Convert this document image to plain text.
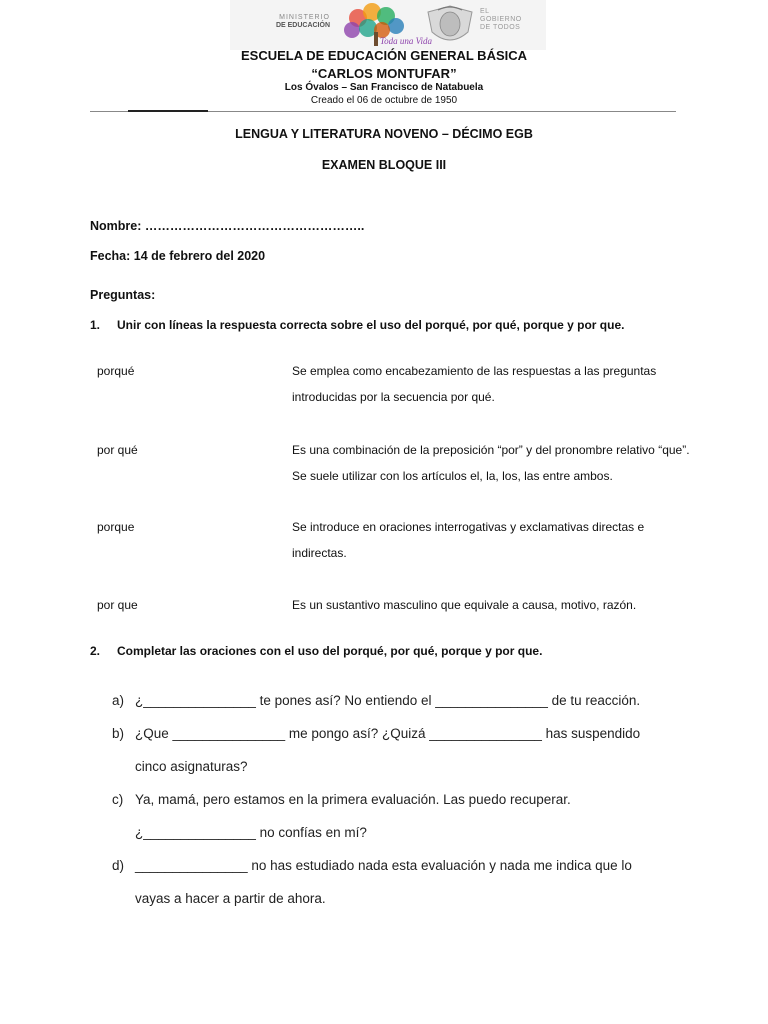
MINISTERIO
DE EDUCACIÓN
Toda una Vida
EL
GOBIERNO
DE TODOS
ESCUELA DE EDUCACIÓN GENERAL BÁSICA
“CARLOS MONTUFAR”
Los Óvalos – San Francisco de Natabuela
Creado el 06 de octubre de 1950
LENGUA Y LITERATURA NOVENO – DÉCIMO EGB
EXAMEN BLOQUE III
Nombre: ……………………………………………..
Fecha: 14 de febrero del 2020
Preguntas:
1. Unir con líneas la respuesta correcta sobre el uso del porqué, por qué, porque y por que.
porqué	Se emplea como encabezamiento de las respuestas a las preguntas introducidas por la secuencia por qué.
por qué	Es una combinación de la preposición “por” y del pronombre relativo “que”. Se suele utilizar con los artículos el, la, los, las entre ambos.
porque	Se introduce en oraciones interrogativas y exclamativas directas e indirectas.
por que	Es un sustantivo masculino que equivale a causa, motivo, razón.
2. Completar las oraciones con el uso del porqué, por qué, porque y por que.
a) ¿_______________ te pones así? No entiendo el _______________ de tu reacción.
b) ¿Que _______________ me pongo así? ¿Quizá _______________ has suspendido
cinco asignaturas?
c) Ya, mamá, pero estamos en la primera evaluación. Las puedo recuperar.
¿_______________ no confías en mí?
d) _______________ no has estudiado nada esta evaluación y nada me indica que lo
vayas a hacer a partir de ahora.
